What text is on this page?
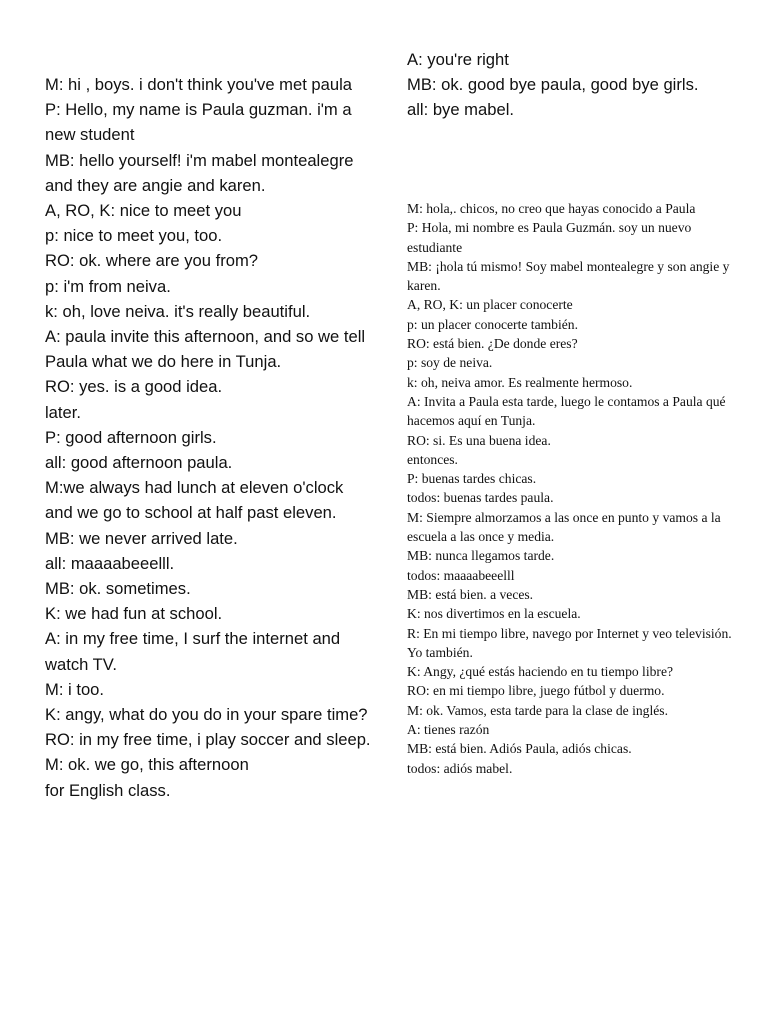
M: hi , boys. i don't think you've met paula
P: Hello, my name is Paula guzman. i'm a new student
MB: hello yourself! i'm mabel montealegre and they are angie and karen.
A, RO, K: nice to meet you
p: nice to meet you, too.
RO: ok. where are you from?
p: i'm from neiva.
k: oh, love neiva. it's really beautiful.
A: paula invite this afternoon, and so we tell Paula what we do here in Tunja.
RO: yes. is a good idea.
later.
P: good afternoon girls.
all: good afternoon paula.
M:we always had lunch at eleven o'clock and we go to school at half past eleven.
MB: we never arrived late.
all: maaaabeeelll.
MB: ok. sometimes.
K: we had fun at school.
A: in my free time, I surf the internet and watch TV.
M: i too.
K: angy, what do you do in your spare time?
RO: in my free time, i play soccer and sleep.
M: ok. we go, this afternoon
for English class.
A: you're right
MB: ok. good bye paula, good bye girls.
all: bye mabel.
M: hola,. chicos, no creo que hayas conocido a Paula
P: Hola, mi nombre es Paula Guzmán. soy un nuevo estudiante
MB: ¡hola tú mismo! Soy mabel montealegre y son angie y karen.
A, RO, K: un placer conocerte
p: un placer conocerte también.
RO: está bien. ¿De donde eres?
p: soy de neiva.
k: oh, neiva amor. Es realmente hermoso.
A: Invita a Paula esta tarde, luego le contamos a Paula qué hacemos aquí en Tunja.
RO: si. Es una buena idea.
entonces.
P: buenas tardes chicas.
todos: buenas tardes paula.
M: Siempre almorzamos a las once en punto y vamos a la escuela a las once y media.
MB: nunca llegamos tarde.
todos: maaaabeeelll
MB: está bien. a veces.
K: nos divertimos en la escuela.
R: En mi tiempo libre, navego por Internet y veo televisión.
Yo también.
K: Angy, ¿qué estás haciendo en tu tiempo libre?
RO: en mi tiempo libre, juego fútbol y duermo.
M: ok. Vamos, esta tarde para la clase de inglés.
A: tienes razón
MB: está bien. Adiós Paula, adiós chicas.
todos: adiós mabel.
